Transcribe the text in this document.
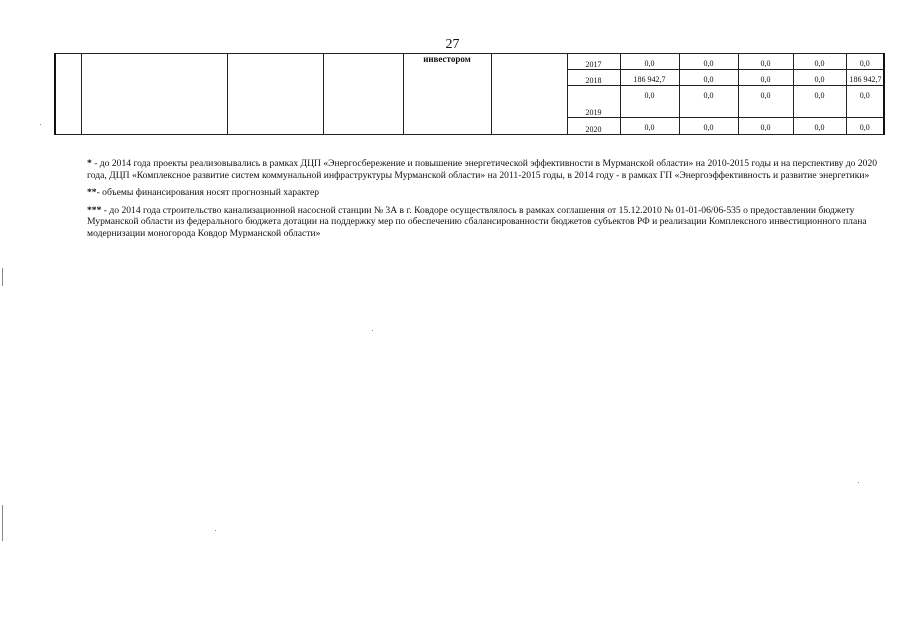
27
				инвестором		2017	0,0	0,0	0,0	0,0	0,0
						2018	186 942,7	0,0	0,0	0,0	186 942,7
						2019	0,0	0,0	0,0	0,0	0,0
						2020	0,0	0,0	0,0	0,0	0,0

* - до 2014 года проекты реализовывались в рамках ДЦП «Энергосбережение и повышение энергетической эффективности в Мурманской области» на 2010-2015 годы и на перспективу до 2020 года, ДЦП «Комплексное развитие систем коммунальной инфраструктуры Мурманской области» на 2011-2015 годы, в 2014 году - в рамках ГП «Энергоэффективность и развитие энергетики»

**- объемы финансирования носят прогнозный характер

*** - до 2014 года строительство канализационной насосной станции № 3А в г. Ковдоре осуществлялось в рамках соглашения от 15.12.2010 № 01-01-06/06-535 о предоставлении бюджету Мурманской области из федерального бюджета дотации на поддержку мер по обеспечению сбалансированности бюджетов субъектов РФ и реализации Комплексного инвестиционного плана модернизации моногорода Ковдор Мурманской области»
